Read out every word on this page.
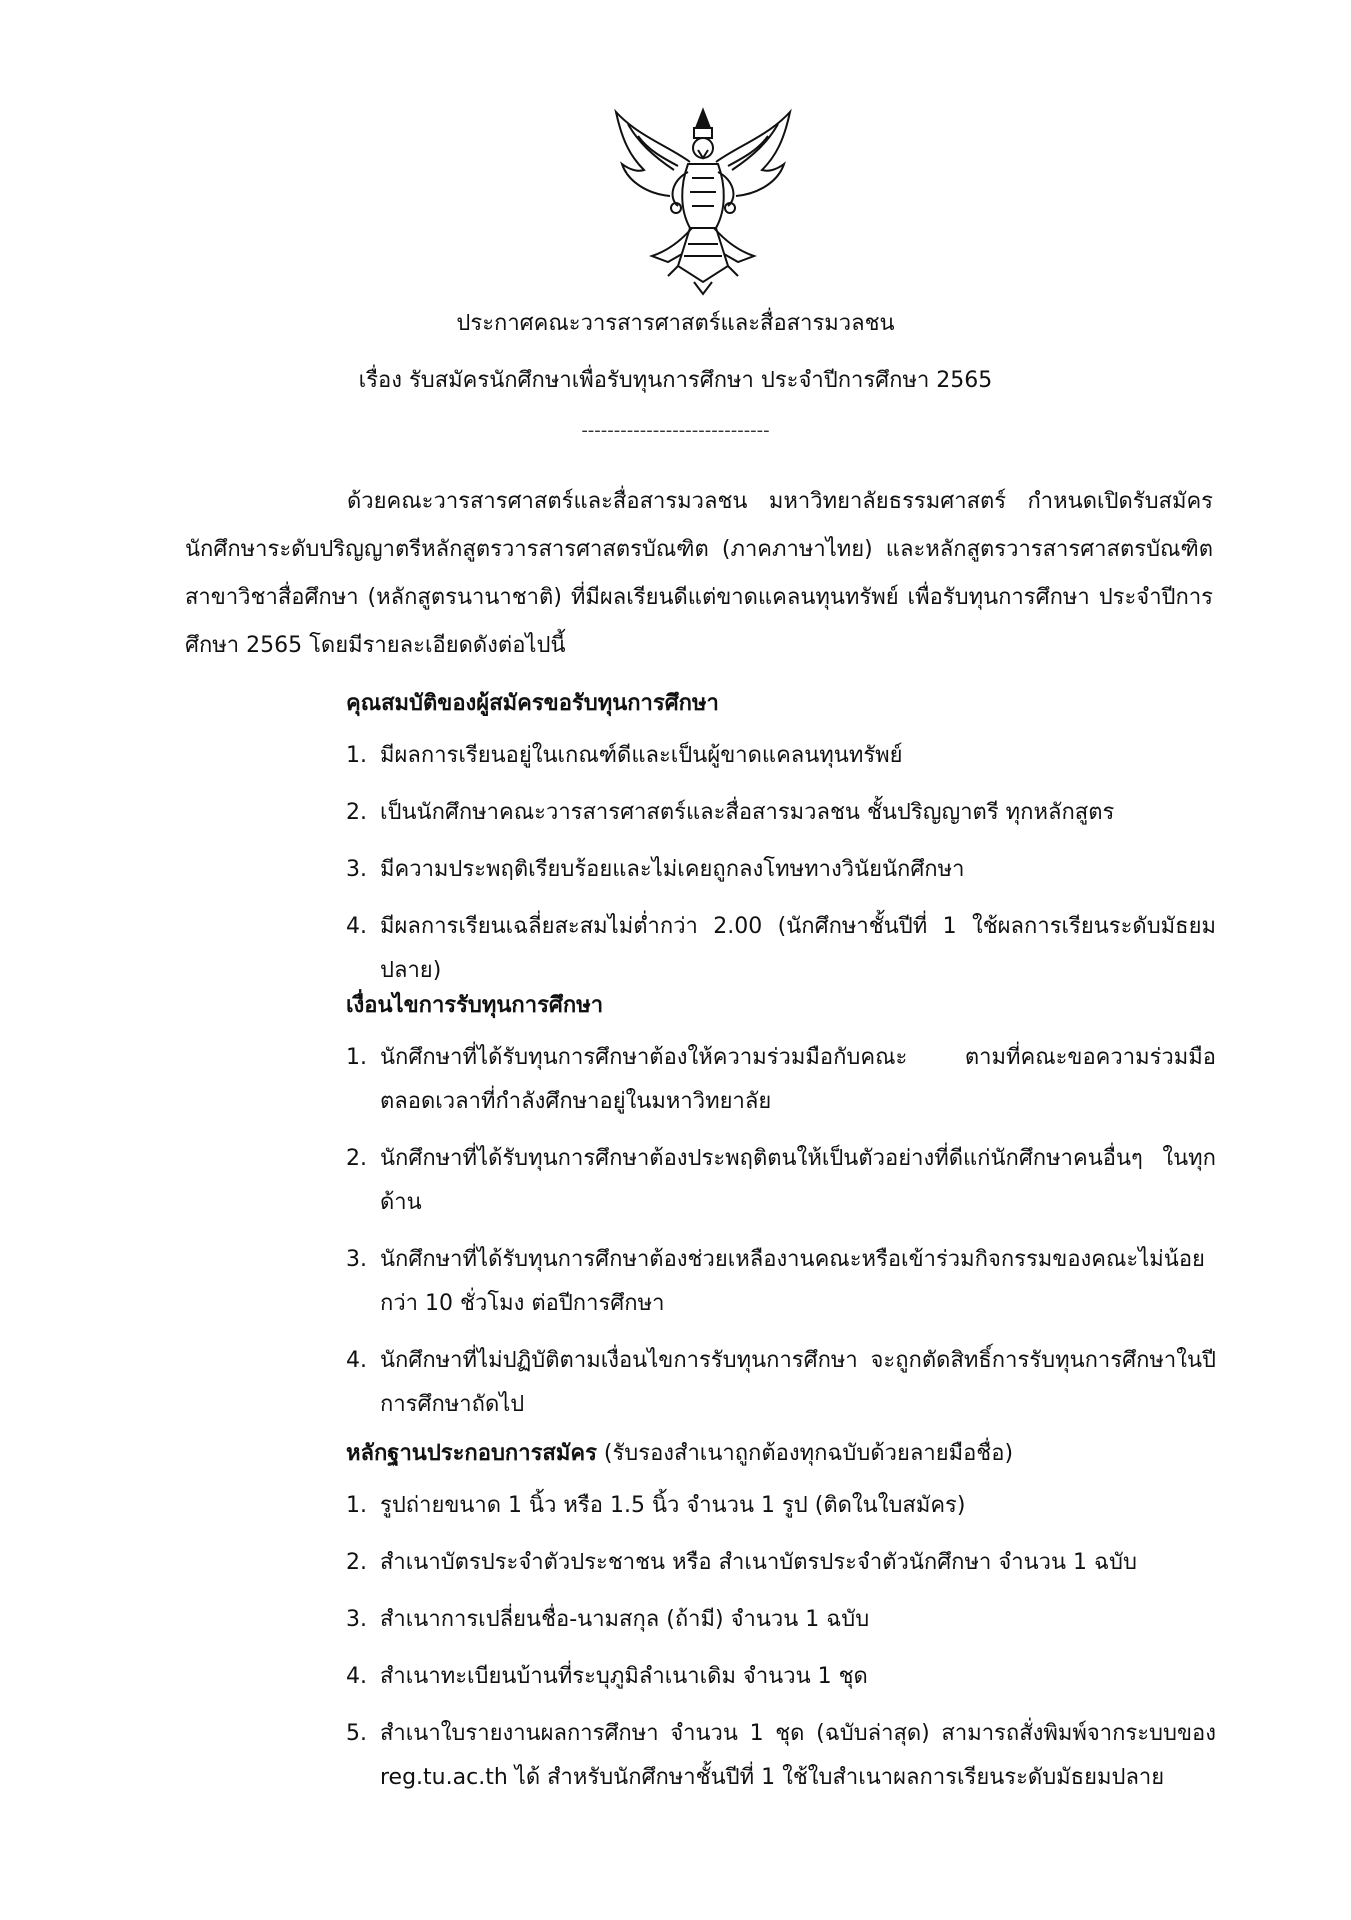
ประกาศคณะวารสารศาสตร์และสื่อสารมวลชน
เรื่อง รับสมัครนักศึกษาเพื่อรับทุนการศึกษา ประจำปีการศึกษา 2565
-----------------------------

ด้วยคณะวารสารศาสตร์และสื่อสารมวลชน มหาวิทยาลัยธรรมศาสตร์ กำหนดเปิดรับสมัครนักศึกษาระดับปริญญาตรีหลักสูตรวารสารศาสตรบัณฑิต (ภาคภาษาไทย) และหลักสูตรวารสารศาสตรบัณฑิต สาขาวิชาสื่อศึกษา (หลักสูตรนานาชาติ) ที่มีผลเรียนดีแต่ขาดแคลนทุนทรัพย์ เพื่อรับทุนการศึกษา ประจำปีการศึกษา 2565 โดยมีรายละเอียดดังต่อไปนี้

คุณสมบัติของผู้สมัครขอรับทุนการศึกษา
1. มีผลการเรียนอยู่ในเกณฑ์ดีและเป็นผู้ขาดแคลนทุนทรัพย์
2. เป็นนักศึกษาคณะวารสารศาสตร์และสื่อสารมวลชน ชั้นปริญญาตรี ทุกหลักสูตร
3. มีความประพฤติเรียบร้อยและไม่เคยถูกลงโทษทางวินัยนักศึกษา
4. มีผลการเรียนเฉลี่ยสะสมไม่ต่ำกว่า 2.00 (นักศึกษาชั้นปีที่ 1 ใช้ผลการเรียนระดับมัธยมปลาย)
เงื่อนไขการรับทุนการศึกษา
1. นักศึกษาที่ได้รับทุนการศึกษาต้องให้ความร่วมมือกับคณะ ตามที่คณะขอความร่วมมือตลอดเวลาที่กำลังศึกษาอยู่ในมหาวิทยาลัย
2. นักศึกษาที่ได้รับทุนการศึกษาต้องประพฤติตนให้เป็นตัวอย่างที่ดีแก่นักศึกษาคนอื่นๆ ในทุกด้าน
3. นักศึกษาที่ได้รับทุนการศึกษาต้องช่วยเหลืองานคณะหรือเข้าร่วมกิจกรรมของคณะไม่น้อยกว่า 10 ชั่วโมง ต่อปีการศึกษา
4. นักศึกษาที่ไม่ปฏิบัติตามเงื่อนไขการรับทุนการศึกษา จะถูกตัดสิทธิ์การรับทุนการศึกษาในปีการศึกษาถัดไป
หลักฐานประกอบการสมัคร (รับรองสำเนาถูกต้องทุกฉบับด้วยลายมือชื่อ)
1. รูปถ่ายขนาด 1 นิ้ว หรือ 1.5 นิ้ว จำนวน 1 รูป (ติดในใบสมัคร)
2. สำเนาบัตรประจำตัวประชาชน หรือ สำเนาบัตรประจำตัวนักศึกษา จำนวน 1 ฉบับ
3. สำเนาการเปลี่ยนชื่อ-นามสกุล (ถ้ามี) จำนวน 1 ฉบับ
4. สำเนาทะเบียนบ้านที่ระบุภูมิลำเนาเดิม จำนวน 1 ชุด
5. สำเนาใบรายงานผลการศึกษา จำนวน 1 ชุด (ฉบับล่าสุด) สามารถสั่งพิมพ์จากระบบของ reg.tu.ac.th ได้ สำหรับนักศึกษาชั้นปีที่ 1 ใช้ใบสำเนาผลการเรียนระดับมัธยมปลาย
